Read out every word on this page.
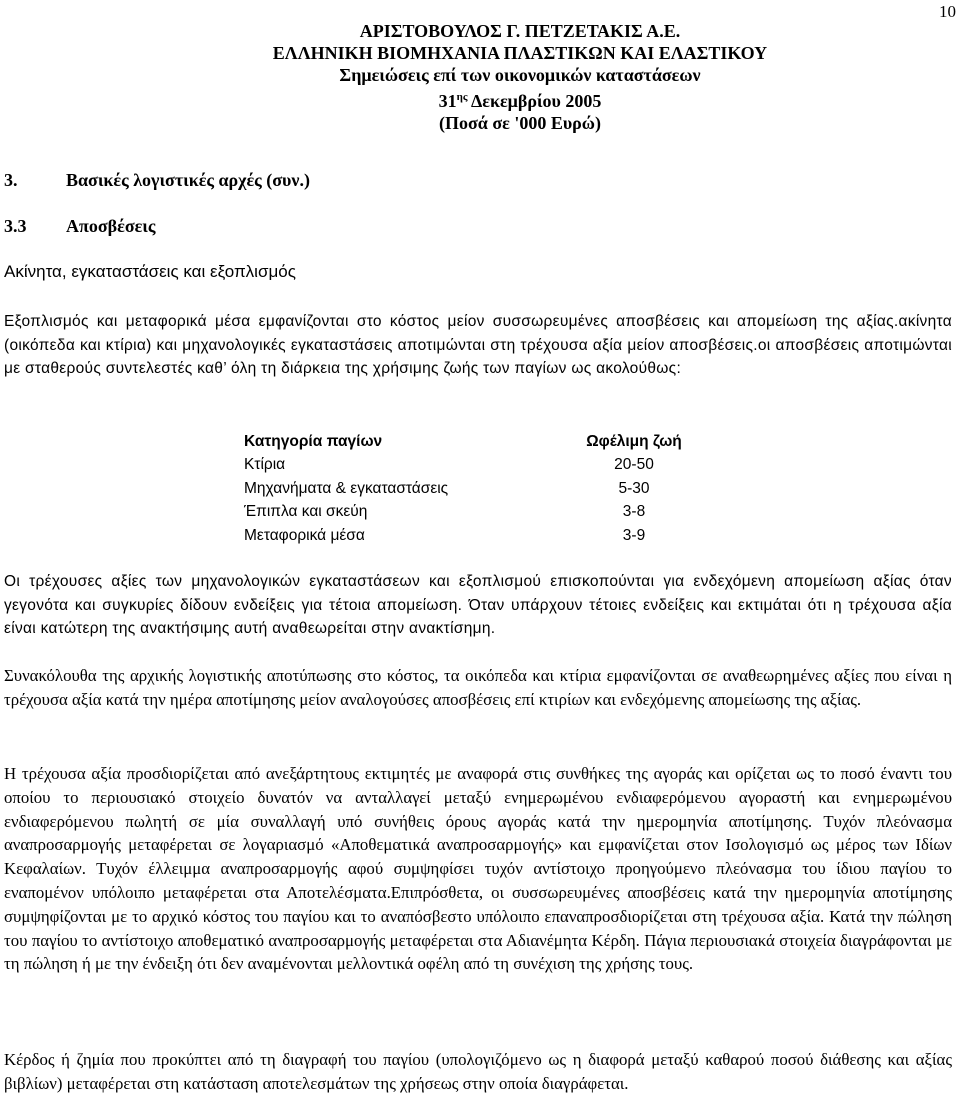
10
ΑΡΙΣΤΟΒΟΥΛΟΣ Γ. ΠΕΤΖΕΤΑΚΙΣ Α.Ε.
ΕΛΛΗΝΙΚΗ ΒΙΟΜΗΧΑΝΙΑ ΠΛΑΣΤΙΚΩΝ ΚΑΙ ΕΛΑΣΤΙΚΟΥ
Σημειώσεις επί των οικονομικών καταστάσεων
$31^{\eta\varsigma}$ Δεκεμβρίου 2005
(Ποσά σε '000 Ευρώ)
3.	Βασικές λογιστικές αρχές (συν.)
3.3 Αποσβέσεις
Ακίνητα, εγκαταστάσεις και εξοπλισμός
Εξοπλισμός και μεταφορικά μέσα εμφανίζονται στο κόστος μείον συσσωρευμένες αποσβέσεις και απομείωση της αξίας.ακίνητα (οικόπεδα και κτίρια) και μηχανολογικές εγκαταστάσεις αποτιμώνται στη τρέχουσα αξία μείον αποσβέσεις.οι αποσβέσεις αποτιμώνται με σταθερούς συντελεστές καθ’ όλη τη διάρκεια της χρήσιμης ζωής των παγίων ως ακολούθως:
Κατηγορία παγίων	Ωφέλιμη ζωή
Κτίρια	20-50
Μηχανήματα & εγκαταστάσεις	5-30
Έπιπλα και σκεύη	3-8
Μεταφορικά μέσα	3-9
Οι τρέχουσες αξίες των μηχανολογικών εγκαταστάσεων και εξοπλισμού επισκοπούνται για ενδεχόμενη απομείωση αξίας όταν γεγονότα και συγκυρίες δίδουν ενδείξεις για τέτοια απομείωση. Όταν υπάρχουν τέτοιες ενδείξεις και εκτιμάται ότι η τρέχουσα αξία είναι κατώτερη της ανακτήσιμης αυτή αναθεωρείται στην ανακτίσημη.
Συνακόλουθα της αρχικής λογιστικής αποτύπωσης στο κόστος, τα οικόπεδα και κτίρια εμφανίζονται σε αναθεωρημένες αξίες που είναι η τρέχουσα αξία κατά την ημέρα αποτίμησης μείον αναλογούσες αποσβέσεις επί κτιρίων και ενδεχόμενης απομείωσης της αξίας.
Η τρέχουσα αξία προσδιορίζεται από ανεξάρτητους εκτιμητές με αναφορά στις συνθήκες της αγοράς και ορίζεται ως το ποσό έναντι του οποίου το περιουσιακό στοιχείο δυνατόν να ανταλλαγεί μεταξύ ενημερωμένου ενδιαφερόμενου αγοραστή και ενημερωμένου ενδιαφερόμενου πωλητή σε μία συναλλαγή υπό συνήθεις όρους αγοράς κατά την ημερομηνία αποτίμησης. Τυχόν πλεόνασμα αναπροσαρμογής μεταφέρεται σε λογαριασμό «Αποθεματικά αναπροσαρμογής» και εμφανίζεται στον Ισολογισμό ως μέρος των Ιδίων Κεφαλαίων. Τυχόν έλλειμμα αναπροσαρμογής αφού συμψηφίσει τυχόν αντίστοιχο προηγούμενο πλεόνασμα του ίδιου παγίου το εναπομένον υπόλοιπο μεταφέρεται στα Αποτελέσματα.Επιπρόσθετα, οι συσσωρευμένες αποσβέσεις κατά την ημερομηνία αποτίμησης συμψηφίζονται με το αρχικό κόστος του παγίου και το αναπόσβεστο υπόλοιπο επαναπροσδιορίζεται στη τρέχουσα αξία. Κατά την πώληση του παγίου το αντίστοιχο αποθεματικό αναπροσαρμογής μεταφέρεται στα Αδιανέμητα Κέρδη. Πάγια περιουσιακά στοιχεία διαγράφονται με τη πώληση ή με την ένδειξη ότι δεν αναμένονται μελλοντικά οφέλη από τη συνέχιση της χρήσης τους.
Κέρδος ή ζημία που προκύπτει από τη διαγραφή του παγίου (υπολογιζόμενο ως η διαφορά μεταξύ καθαρού ποσού διάθεσης και αξίας βιβλίων) μεταφέρεται στη κατάσταση αποτελεσμάτων της χρήσεως στην οποία διαγράφεται.
